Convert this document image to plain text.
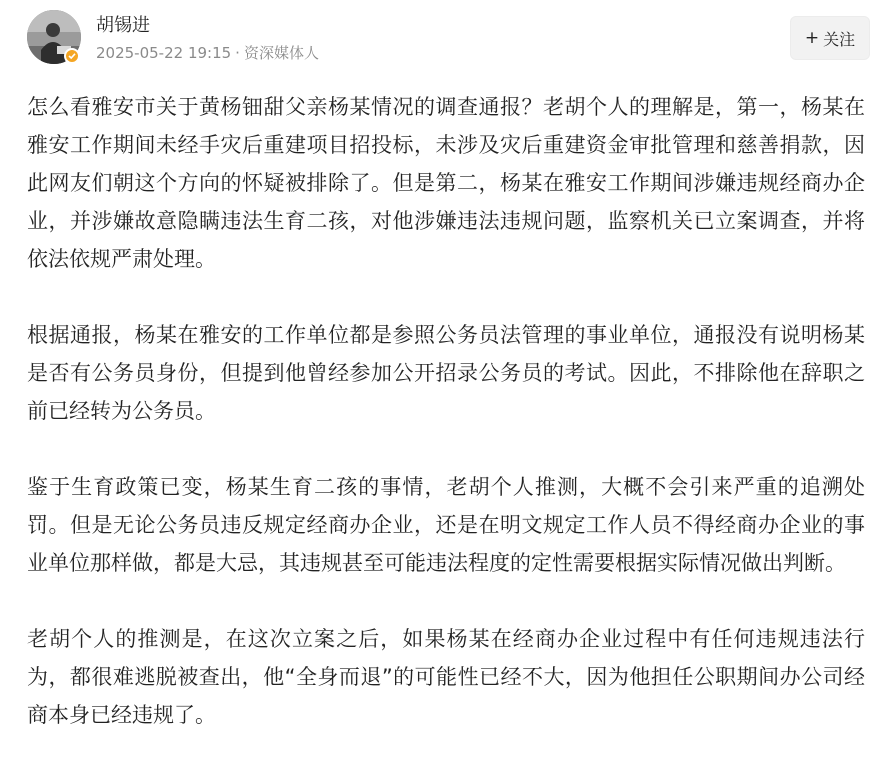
胡锡进
2025-05-22 19:15 · 资深媒体人
+ 关注

怎么看雅安市关于黄杨钿甜父亲杨某情况的调查通报？老胡个人的理解是，第一，杨某在雅安工作期间未经手灾后重建项目招投标，未涉及灾后重建资金审批管理和慈善捐款，因此网友们朝这个方向的怀疑被排除了。但是第二，杨某在雅安工作期间涉嫌违规经商办企业，并涉嫌故意隐瞒违法生育二孩，对他涉嫌违法违规问题，监察机关已立案调查，并将依法依规严肃处理。

根据通报，杨某在雅安的工作单位都是参照公务员法管理的事业单位，通报没有说明杨某是否有公务员身份，但提到他曾经参加公开招录公务员的考试。因此，不排除他在辞职之前已经转为公务员。

鉴于生育政策已变，杨某生育二孩的事情，老胡个人推测，大概不会引来严重的追溯处罚。但是无论公务员违反规定经商办企业，还是在明文规定工作人员不得经商办企业的事业单位那样做，都是大忌，其违规甚至可能违法程度的定性需要根据实际情况做出判断。

老胡个人的推测是，在这次立案之后，如果杨某在经商办企业过程中有任何违规违法行为，都很难逃脱被查出，他“全身而退”的可能性已经不大，因为他担任公职期间办公司经商本身已经违规了。
